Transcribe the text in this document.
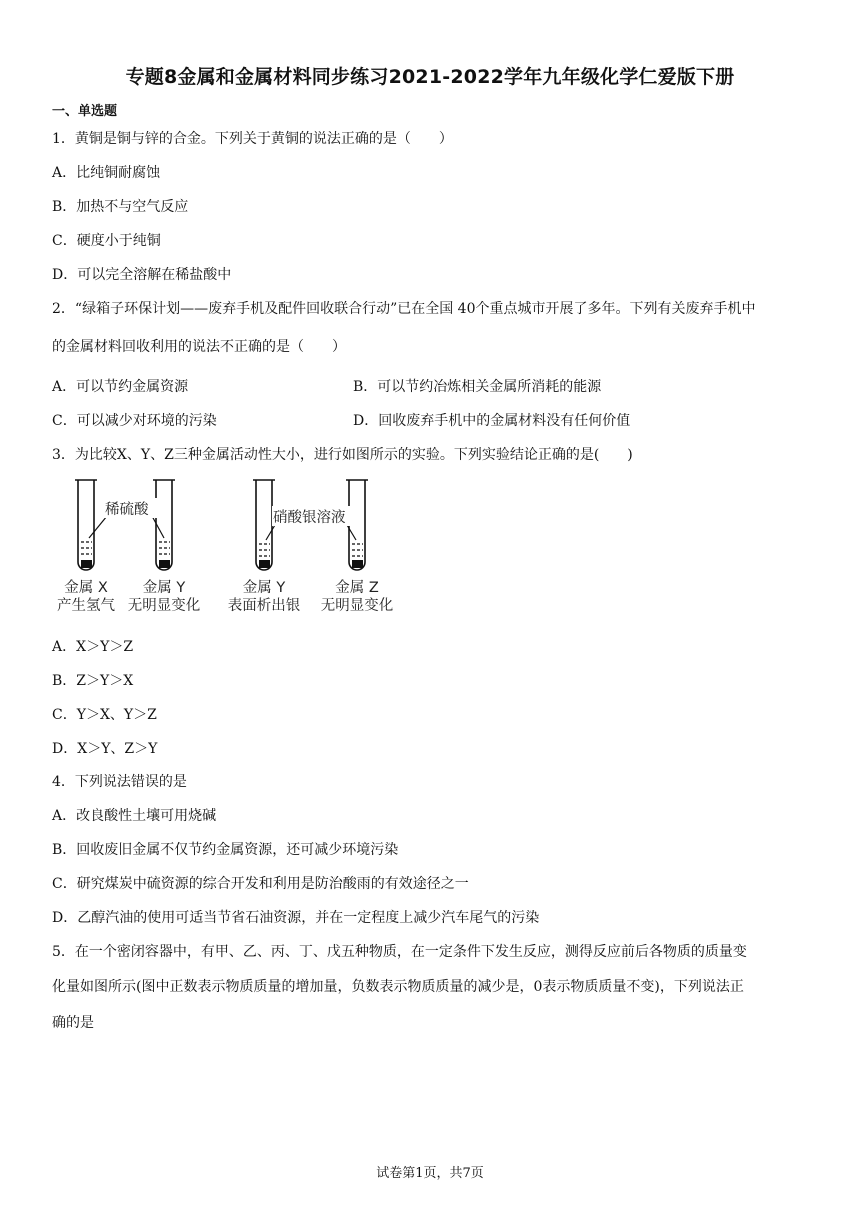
专题8金属和金属材料同步练习2021-2022学年九年级化学仁爱版下册
一、单选题
1．黄铜是铜与锌的合金。下列关于黄铜的说法正确的是（　　）
A．比纯铜耐腐蚀
B．加热不与空气反应
C．硬度小于纯铜
D．可以完全溶解在稀盐酸中
2．“绿箱子环保计划——废弃手机及配件回收联合行动”已在全国 40个重点城市开展了多年。下列有关废弃手机中
的金属材料回收利用的说法不正确的是（　　）
A．可以节约金属资源	B．可以节约冶炼相关金属所消耗的能源
C．可以减少对环境的污染	D．回收废弃手机中的金属材料没有任何价值
3．为比较X、Y、Z三种金属活动性大小，进行如图所示的实验。下列实验结论正确的是(　　)
稀硫酸	硝酸银溶液
金属 X
产生氢气
金属 Y
无明显变化
金属 Y
表面析出银
金属 Z
无明显变化
A．X＞Y＞Z
B．Z＞Y＞X
C．Y＞X、Y＞Z
D．X＞Y、Z＞Y
4．下列说法错误的是
A．改良酸性土壤可用烧碱
B．回收废旧金属不仅节约金属资源，还可减少环境污染
C．研究煤炭中硫资源的综合开发和利用是防治酸雨的有效途径之一
D．乙醇汽油的使用可适当节省石油资源，并在一定程度上减少汽车尾气的污染
5．在一个密闭容器中，有甲、乙、丙、丁、戊五种物质，在一定条件下发生反应，测得反应前后各物质的质量变
化量如图所示(图中正数表示物质质量的增加量，负数表示物质质量的减少是，0表示物质质量不变)，下列说法正
确的是
试卷第1页，共7页
